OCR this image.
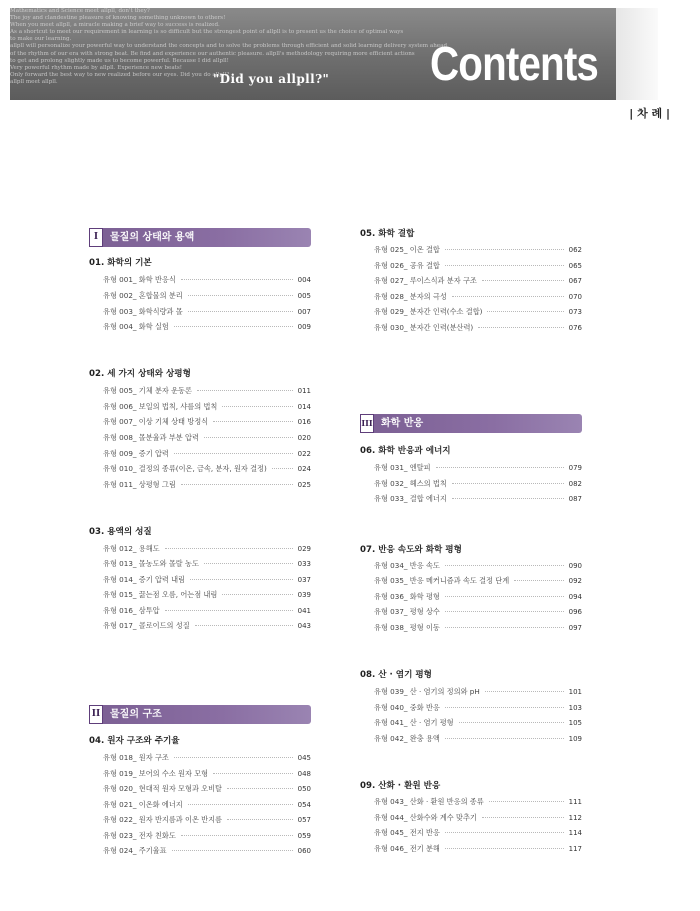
Mathematics and Science meet allpll, don't they?
The joy and clandestine pleasure of knowing something unknown to others!
When you meet allpll, a miracle making a brief way to success is realized.
As a shortcut to meet our requirement in learning is so difficult but the strongest point of allpll is to present us the choice of optimal ways
to make our learning.
allpll will personalize your powerful way to understand the concepts and to solve the problems through efficient and solid learning delivery system ahead
of the rhythm of our era with strong beat. Be find and experience our authentic pleasure. allpll's methodology requiring more efficient actions
to get and prolong slightly made us to become powerful. Because I did allpll!
Very powerful rhythm made by allpll. Experience new beats!
Only forward the best way to new realized before our eyes. Did you do allpll?
allpll meet allpll.	"Did you allpll?" Contents
| 차 례 |
I	물질의 상태와 용액
01. 화학의 기본
유형 001_ 화학 반응식	004
유형 002_ 혼합물의 분리	005
유형 003_ 화학식량과 몰	007
유형 004_ 화학 실험	009
02. 세 가지 상태와 상평형
유형 005_ 기체 분자 운동론	011
유형 006_ 보일의 법칙, 샤를의 법칙	014
유형 007_ 이상 기체 상태 방정식	016
유형 008_ 몰분율과 부분 압력	020
유형 009_ 증기 압력	022
유형 010_ 결정의 종류(이온, 금속, 분자, 원자 결정)	024
유형 011_ 상평형 그림	025
03. 용액의 성질
유형 012_ 용해도	029
유형 013_ 몰농도와 몰랄 농도	033
유형 014_ 증기 압력 내림	037
유형 015_ 끓는점 오름, 어는점 내림	039
유형 016_ 삼투압	041
유형 017_ 콜로이드의 성질	043
II 물질의 구조
04. 원자 구조와 주기율
유형 018_ 원자 구조	045
유형 019_ 보어의 수소 원자 모형	048
유형 020_ 현대적 원자 모형과 오비탈	050
유형 021_ 이온화 에너지	054
유형 022_ 원자 반지름과 이온 반지름	057
유형 023_ 전자 친화도	059
유형 024_ 주기율표	060
05. 화학 결합
유형 025_ 이온 결합	062
유형 026_ 공유 결합	065
유형 027_ 루이스식과 분자 구조	067
유형 028_ 분자의 극성	070
유형 029_ 분자간 인력(수소 결합)	073
유형 030_ 분자간 인력(분산력)	076
III 화학 반응
06. 화학 반응과 에너지
유형 031_ 엔탈피	079
유형 032_ 헤스의 법칙	082
유형 033_ 결합 에너지	087
07. 반응 속도와 화학 평형
유형 034_ 반응 속도	090
유형 035_ 반응 메커니즘과 속도 결정 단계	092
유형 036_ 화학 평형	094
유형 037_ 평형 상수	096
유형 038_ 평형 이동	097
08. 산 · 염기 평형
유형 039_ 산 · 염기의 정의와 pH	101
유형 040_ 중화 반응	103
유형 041_ 산 · 염기 평형	105
유형 042_ 완충 용액	109
09. 산화 · 환원 반응
유형 043_ 산화 · 환원 반응의 종류	111
유형 044_ 산화수와 계수 맞추기	112
유형 045_ 전지 반응	114
유형 046_ 전기 분해	117
